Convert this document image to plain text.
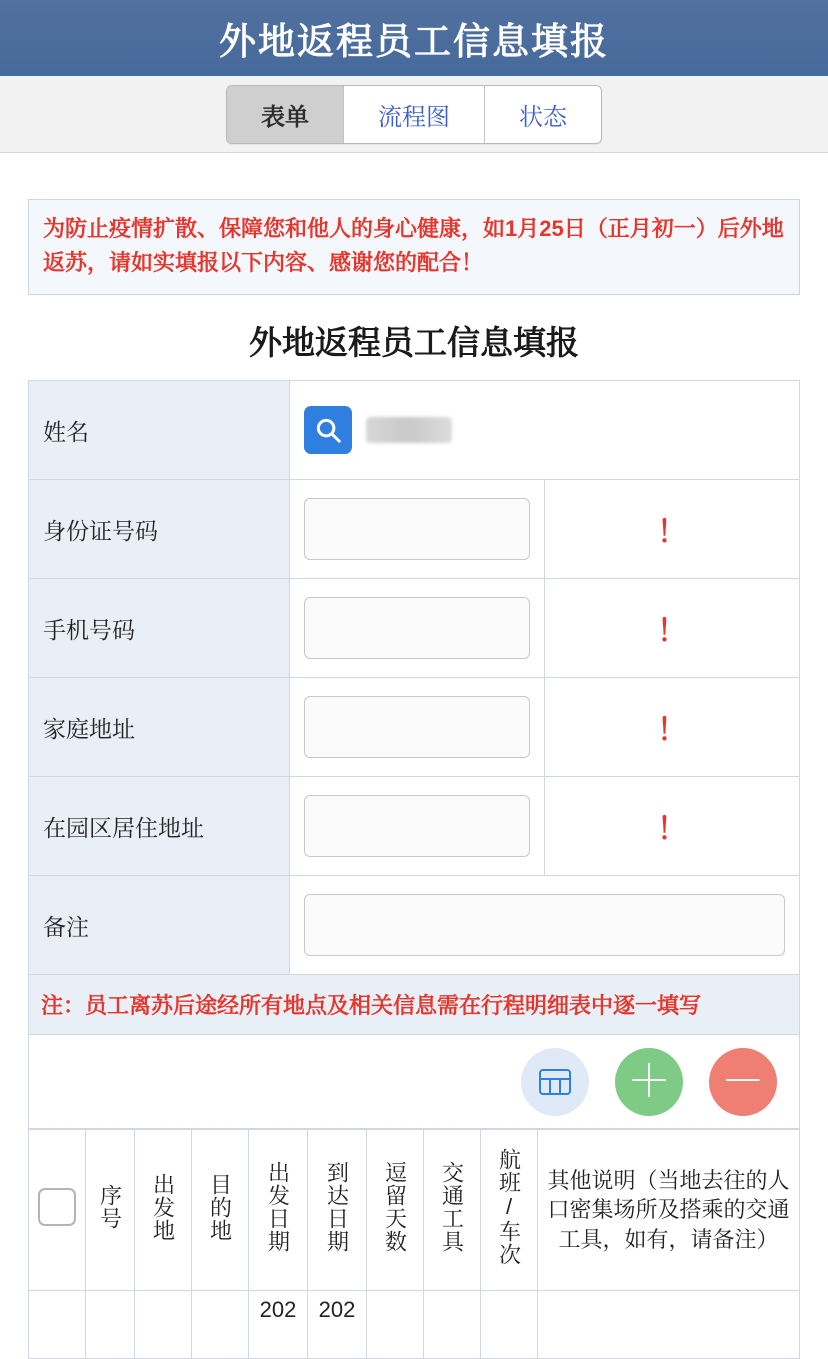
外地返程员工信息填报
表单	流程图	状态
为防止疫情扩散、保障您和他人的身心健康，如1月25日（正月初一）后外地返苏，请如实填报以下内容、感谢您的配合！
外地返程员工信息填报
姓名	

身份证号码		！
手机号码		！
家庭地址		！
在园区居住地址		！
备注	
注：员工离苏后途经所有地点及相关信息需在行程明细表中逐一填写		
＋ －
	序号	出发地	目的地	出发日期	到达日期	逗留天数	交通工具	航班/车次	其他说明（当地去往的人口密集场所及搭乘的交通工具，如有，请备注）
				202	202				
